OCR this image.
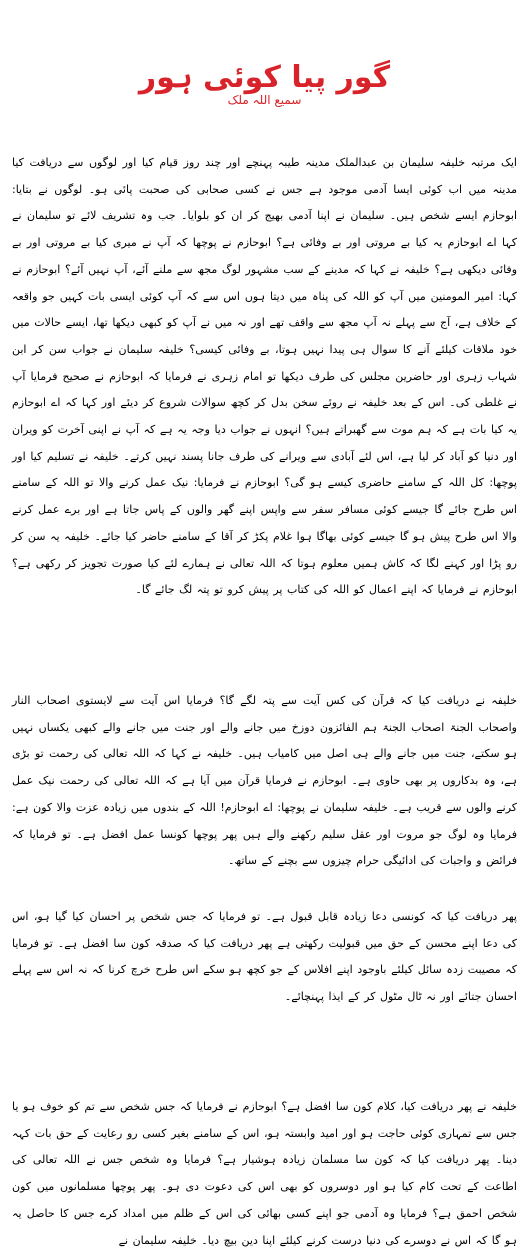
گور پیا کوئی ہور
سمیع اللہ ملک

ایک مرتبہ خلیفہ سلیمان بن عبدالملک مدینہ طیبہ پہنچے اور چند روز قیام کیا اور لوگوں سے دریافت کیا مدینہ میں اب کوئی ایسا آدمی موجود ہے جس نے کسی صحابی کی صحبت پائی ہو۔ لوگوں نے بتایا: ابوحازم ایسے شخص ہیں۔ سلیمان نے اپنا آدمی بھیج کر ان کو بلوایا۔ جب وہ تشریف لائے تو سلیمان نے کہا اے ابوحازم یہ کیا بے مروتی اور بے وفائی ہے؟ ابوحازم نے پوچھا کہ آپ نے میری کیا بے مروتی اور بے وفائی دیکھی ہے؟ خلیفہ نے کہا کہ مدینے کے سب مشہور لوگ مجھ سے ملنے آئے، آپ نہیں آئے؟ ابوحازم نے کہا: امیر المومنین میں آپ کو اللہ کی پناہ میں دیتا ہوں اس سے کہ آپ کوئی ایسی بات کہیں جو واقعہ کے خلاف ہے، آج سے پہلے نہ آپ مجھ سے واقف تھے اور نہ میں نے آپ کو کبھی دیکھا تھا، ایسے حالات میں خود ملاقات کیلئے آنے کا سوال ہی پیدا نہیں ہوتا، بے وفائی کیسی؟ خلیفہ سلیمان نے جواب سن کر ابن شہاب زہری اور حاضرین مجلس کی طرف دیکھا تو امام زہری نے فرمایا کہ ابوحازم نے صحیح فرمایا آپ نے غلطی کی۔ اس کے بعد خلیفہ نے روئے سخن بدل کر کچھ سوالات شروع کر دیئے اور کہا کہ اے ابوحازم یہ کیا بات ہے کہ ہم موت سے گھبراتے ہیں؟ انہوں نے جواب دیا وجہ یہ ہے کہ آپ نے اپنی آخرت کو ویران اور دنیا کو آباد کر لیا ہے، اس لئے آبادی سے ویرانے کی طرف جانا پسند نہیں کرتے۔ خلیفہ نے تسلیم کیا اور پوچھا: کل اللہ کے سامنے حاضری کیسے ہو گی؟ ابوحازم نے فرمایا: نیک عمل کرنے والا تو اللہ کے سامنے اس طرح جائے گا جیسے کوئی مسافر سفر سے واپس اپنے گھر والوں کے پاس جاتا ہے اور برے عمل کرنے والا اس طرح پیش ہو گا جیسے کوئی بھاگا ہوا غلام پکڑ کر آقا کے سامنے حاضر کیا جائے۔ خلیفہ یہ سن کر رو پڑا اور کہنے لگا کہ کاش ہمیں معلوم ہوتا کہ اللہ تعالی نے ہمارے لئے کیا صورت تجویز کر رکھی ہے؟ ابوحازم نے فرمایا کہ اپنے اعمال کو اللہ کی کتاب پر پیش کرو تو پتہ لگ جائے گا۔

خلیفہ نے دریافت کیا کہ قرآن کی کس آیت سے پتہ لگے گا؟ فرمایا اس آیت سے لایستوی اصحاب النار واصحاب الجنۃ اصحاب الجنۃ ہم الفائزون دوزخ میں جانے والے اور جنت میں جانے والے کبھی یکساں نہیں ہو سکتے، جنت میں جانے والے ہی اصل میں کامیاب ہیں۔ خلیفہ نے کہا کہ اللہ تعالی کی رحمت تو بڑی ہے، وہ بدکاروں پر بھی حاوی ہے۔ ابوحازم نے فرمایا قرآن میں آیا ہے کہ اللہ تعالی کی رحمت نیک عمل کرنے والوں سے قریب ہے۔ خلیفہ سلیمان نے پوچھا: اے ابوحازم! اللہ کے بندوں میں زیادہ عزت والا کون ہے: فرمایا وہ لوگ جو مروت اور عقل سلیم رکھنے والے ہیں پھر پوچھا کونسا عمل افضل ہے۔ تو فرمایا کہ فرائض و واجبات کی ادائیگی حرام چیزوں سے بچنے کے ساتھ۔

پھر دریافت کیا کہ کونسی دعا زیادہ قابل قبول ہے۔ تو فرمایا کہ جس شخص پر احسان کیا گیا ہو، اس کی دعا اپنے محسن کے حق میں قبولیت رکھتی ہے پھر دریافت کیا کہ صدقہ کون سا افضل ہے۔ تو فرمایا کہ مصیبت زدہ سائل کیلئے باوجود اپنے افلاس کے جو کچھ ہو سکے اس طرح خرچ کرنا کہ نہ اس سے پہلے احسان جتائے اور نہ ٹال مٹول کر کے ایذا پہنچائے۔

خلیفہ نے پھر دریافت کیا، کلام کون سا افضل ہے؟ ابوحازم نے فرمایا کہ جس شخص سے تم کو خوف ہو یا جس سے تمہاری کوئی حاجت ہو اور امید وابستہ ہو، اس کے سامنے بغیر کسی رو رعایت کے حق بات کہہ دینا۔ پھر دریافت کیا کہ کون سا مسلمان زیادہ ہوشیار ہے؟ فرمایا وہ شخص جس نے اللہ تعالی کی اطاعت کے تحت کام کیا ہو اور دوسروں کو بھی اس کی دعوت دی ہو۔ پھر پوچھا مسلمانوں میں کون شخص احمق ہے؟ فرمایا وہ آدمی جو اپنے کسی بھائی کی اس کے ظلم میں امداد کرے جس کا حاصل یہ ہو گا کہ اس نے دوسرے کی دنیا درست کرنے کیلئے اپنا دین بیچ دیا۔ خلیفہ سلیمان نے
